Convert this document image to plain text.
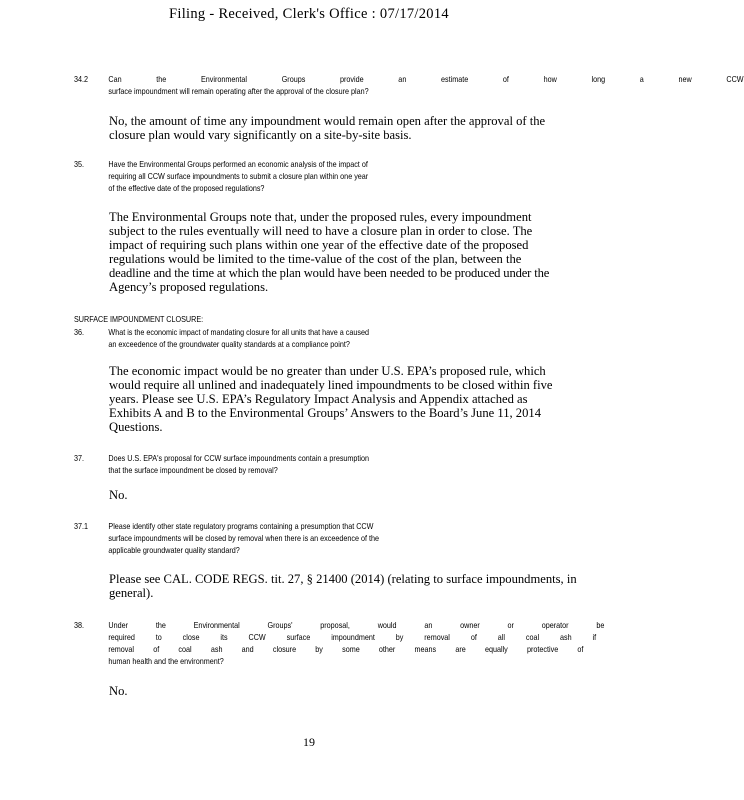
Filing - Received, Clerk's Office : 07/17/2014
34.2 Can the Environmental Groups provide an estimate of how long a new CCW
surface impoundment will remain operating after the approval of the closure plan?
No, the amount of time any impoundment would remain open after the approval of the
closure plan would vary significantly on a site-by-site basis.
35.	Have the Environmental Groups performed an economic analysis of the impact of
requiring all CCW surface impoundments to submit a closure plan within one year
of the effective date of the proposed regulations?
The Environmental Groups note that, under the proposed rules, every impoundment
subject to the rules eventually will need to have a closure plan in order to close. The
impact of requiring such plans within one year of the effective date of the proposed
regulations would be limited to the time-value of the cost of the plan, between the
deadline and the time at which the plan would have been needed to be produced under the
Agency’s proposed regulations.
SURFACE IMPOUNDMENT CLOSURE:
36.	What is the economic impact of mandating closure for all units that have a caused
an exceedence of the groundwater quality standards at a compliance point?
The economic impact would be no greater than under U.S. EPA’s proposed rule, which
would require all unlined and inadequately lined impoundments to be closed within five
years. Please see U.S. EPA’s Regulatory Impact Analysis and Appendix attached as
Exhibits A and B to the Environmental Groups’ Answers to the Board’s June 11, 2014
Questions.
37.	Does U.S. EPA's proposal for CCW surface impoundments contain a presumption
that the surface impoundment be closed by removal?
No.
37.1 Please identify other state regulatory programs containing a presumption that CCW
surface impoundments will be closed by removal when there is an exceedence of the
applicable groundwater quality standard?
Please see CAL. CODE REGS. tit. 27, § 21400 (2014) (relating to surface impoundments, in
general).
38.	Under the Environmental Groups' proposal, would an owner or operator be
required to close its CCW surface impoundment by removal of all coal ash if
removal of coal ash and closure by some other means are equally protective of
human health and the environment?
No.
19
